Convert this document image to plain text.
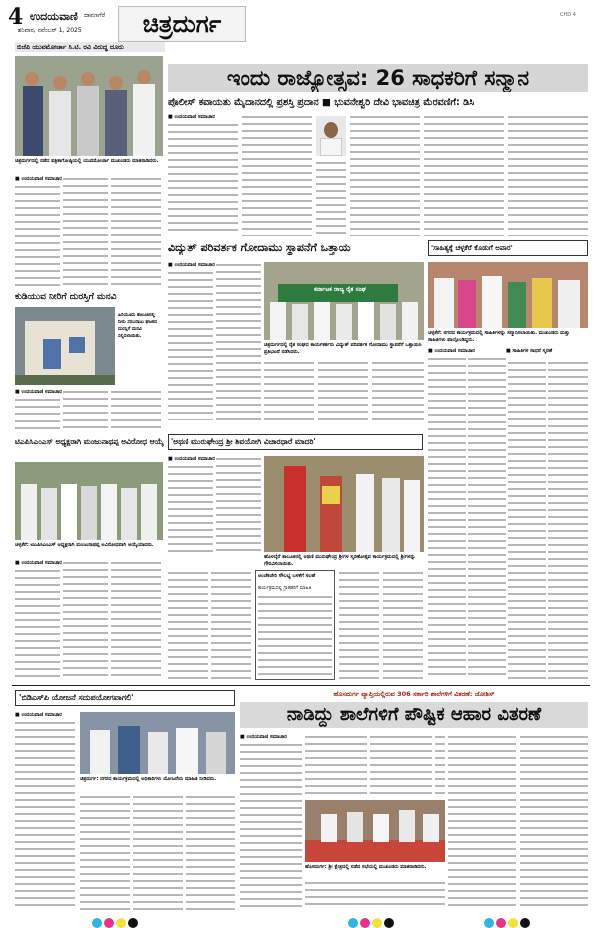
4 ಉದಯವಾಣಿ ದಾವಣಗೆರೆ
ಶನಿವಾರ, ನವೆಂಬರ್ 1, 2025	ಚಿತ್ರದುರ್ಗ	CHD 4
ಬಿಜೆಪಿ ಯುವಮೋರ್ಚಾ ಸಿ.ಟಿ. ರವಿ ವಿರುದ್ಧ ದೂರು
ಚಿತ್ರದುರ್ಗದಲ್ಲಿ ನಡೆದ ಪತ್ರಿಕಾಗೋಷ್ಠಿಯಲ್ಲಿ ಯುವಮೋರ್ಚಾ ಮುಖಂಡರು ಮಾತನಾಡಿದರು.
■ ಉದಯವಾಣಿ ಸಮಾಚಾರ
ಕುಡಿಯುವ ನೀರಿಗೆ ದುರಸ್ತಿಗೆ ಮನವಿ
ಹಿರಿಯೂರು ತಾಲೂಕಿನಲ್ಲಿ ನೀರು ಸರಬರಾಜು ಘಟಕದ ದುರಸ್ತಿಗೆ ಮನವಿ ಸಲ್ಲಿಸಲಾಯಿತು.
■ ಉದಯವಾಣಿ ಸಮಾಚಾರ
ಟಿಎಪಿಸಿಎಂಎಸ್ ಅಧ್ಯಕ್ಷರಾಗಿ ಮಂಜುನಾಥಪ್ಪ ಅವಿರೋಧ ಆಯ್ಕೆ
ಚಳ್ಳಕೆರೆ: ಟಿಎಪಿಸಿಎಂಎಸ್ ಅಧ್ಯಕ್ಷರಾಗಿ ಮಂಜುನಾಥಪ್ಪ ಅವಿರೋಧವಾಗಿ ಆಯ್ಕೆಯಾದರು.
■ ಉದಯವಾಣಿ ಸಮಾಚಾರ
ಇಂದು ರಾಜ್ಯೋತ್ಸವ: 26 ಸಾಧಕರಿಗೆ ಸನ್ಮಾನ
ಪೊಲೀಸ್ ಕವಾಯತು ಮೈದಾನದಲ್ಲಿ ಪ್ರಶಸ್ತಿ ಪ್ರದಾನ ■ ಭುವನೇಶ್ವರಿ ದೇವಿ ಭಾವಚಿತ್ರ ಮೆರವಣಿಗೆ: ಡಿಸಿ
■ ಉದಯವಾಣಿ ಸಮಾಚಾರ
ವಿದ್ಯುತ್ ಪರಿವರ್ತಕ ಗೋದಾಮು ಸ್ಥಾಪನೆಗೆ ಒತ್ತಾಯ
■ ಉದಯವಾಣಿ ಸಮಾಚಾರ
ಕರ್ನಾಟಕ ರಾಜ್ಯ ರೈತ ಸಂಘ
ಚಿತ್ರದುರ್ಗದಲ್ಲಿ ರೈತ ಸಂಘದ ಕಾರ್ಯಕರ್ತರು ವಿದ್ಯುತ್ ಪರಿವರ್ತಕ ಗೋದಾಮು ಸ್ಥಾಪನೆಗೆ ಒತ್ತಾಯಿಸಿ ಪ್ರತಿಭಟನೆ ನಡೆಸಿದರು.
'ಅಥಣಿ ಮುರುಘೇಂದ್ರ ಶ್ರೀ ಶಿವಯೋಗಿ ವಿಚಾರಧಾರೆ ಮಾದರಿ'
■ ಉದಯವಾಣಿ ಸಮಾಚಾರ
ಹೊಳಲ್ಕೆರೆ ತಾಲೂಕಿನಲ್ಲಿ ಅಥಣಿ ಮುರುಘೇಂದ್ರ ಶ್ರೀಗಳ ಸ್ಮರಣೋತ್ಸವ ಕಾರ್ಯಕ್ರಮದಲ್ಲಿ ಶ್ರೀಗಳನ್ನು ಗೌರವಿಸಲಾಯಿತು.
ಅಂಚೆಕಚೇರಿ ಸೌಲಭ್ಯ ಬಳಕೆಗೆ ಸಲಹೆ
ಕಾರ್ಯಕ್ರಮದಲ್ಲಿ ಗ್ರಾಹಕರಿಗೆ ಮಾಹಿತಿ
'ಸಾಹಿತ್ಯಕ್ಕೆ ಚಳ್ಳಕೆರೆ ಕೊಡುಗೆ ಅಪಾರ'
ಚಳ್ಳಕೆರೆ: ನಗರದ ಕಾರ್ಯಕ್ರಮದಲ್ಲಿ ಸಾಹಿತಿಗಳನ್ನು ಸನ್ಮಾನಿಸಲಾಯಿತು. ಮುಖಂಡರು ಮತ್ತು ಸಾಹಿತಿಗಳು ಪಾಲ್ಗೊಂಡಿದ್ದರು.
■ ಉದಯವಾಣಿ ಸಮಾಚಾರ	■ ಸಾಹಿತಿಗಳ ಸಾಧನೆ ಸ್ಮರಣೆ
'ಬಿಡಿಎಸ್‌ಪಿ ಯೋಜನೆ ಸದುಪಯೋಗವಾಗಲಿ'
■ ಉದಯವಾಣಿ ಸಮಾಚಾರ
ಚಿತ್ರದುರ್ಗ: ನಗರದ ಕಾರ್ಯಕ್ರಮದಲ್ಲಿ ಅಧಿಕಾರಿಗಳು ಯೋಜನೆಯ ಮಾಹಿತಿ ನೀಡಿದರು.
ಹೊಸದುರ್ಗ ವ್ಯಾಪ್ತಿಯಲ್ಲಿರುವ 306 ಸರ್ಕಾರಿ ಶಾಲೆಗಳಿಗೆ ವಿತರಣೆ: ಜೋಶಿಸ್
ನಾಡಿದ್ದು ಶಾಲೆಗಳಿಗೆ ಪೌಷ್ಟಿಕ ಆಹಾರ ವಿತರಣೆ
■ ಉದಯವಾಣಿ ಸಮಾಚಾರ
ಹೊಸದುರ್ಗ: ಶ್ರೀ ಕ್ಷೇತ್ರದಲ್ಲಿ ನಡೆದ ಸಭೆಯಲ್ಲಿ ಮುಖಂಡರು ಮಾತನಾಡಿದರು.
